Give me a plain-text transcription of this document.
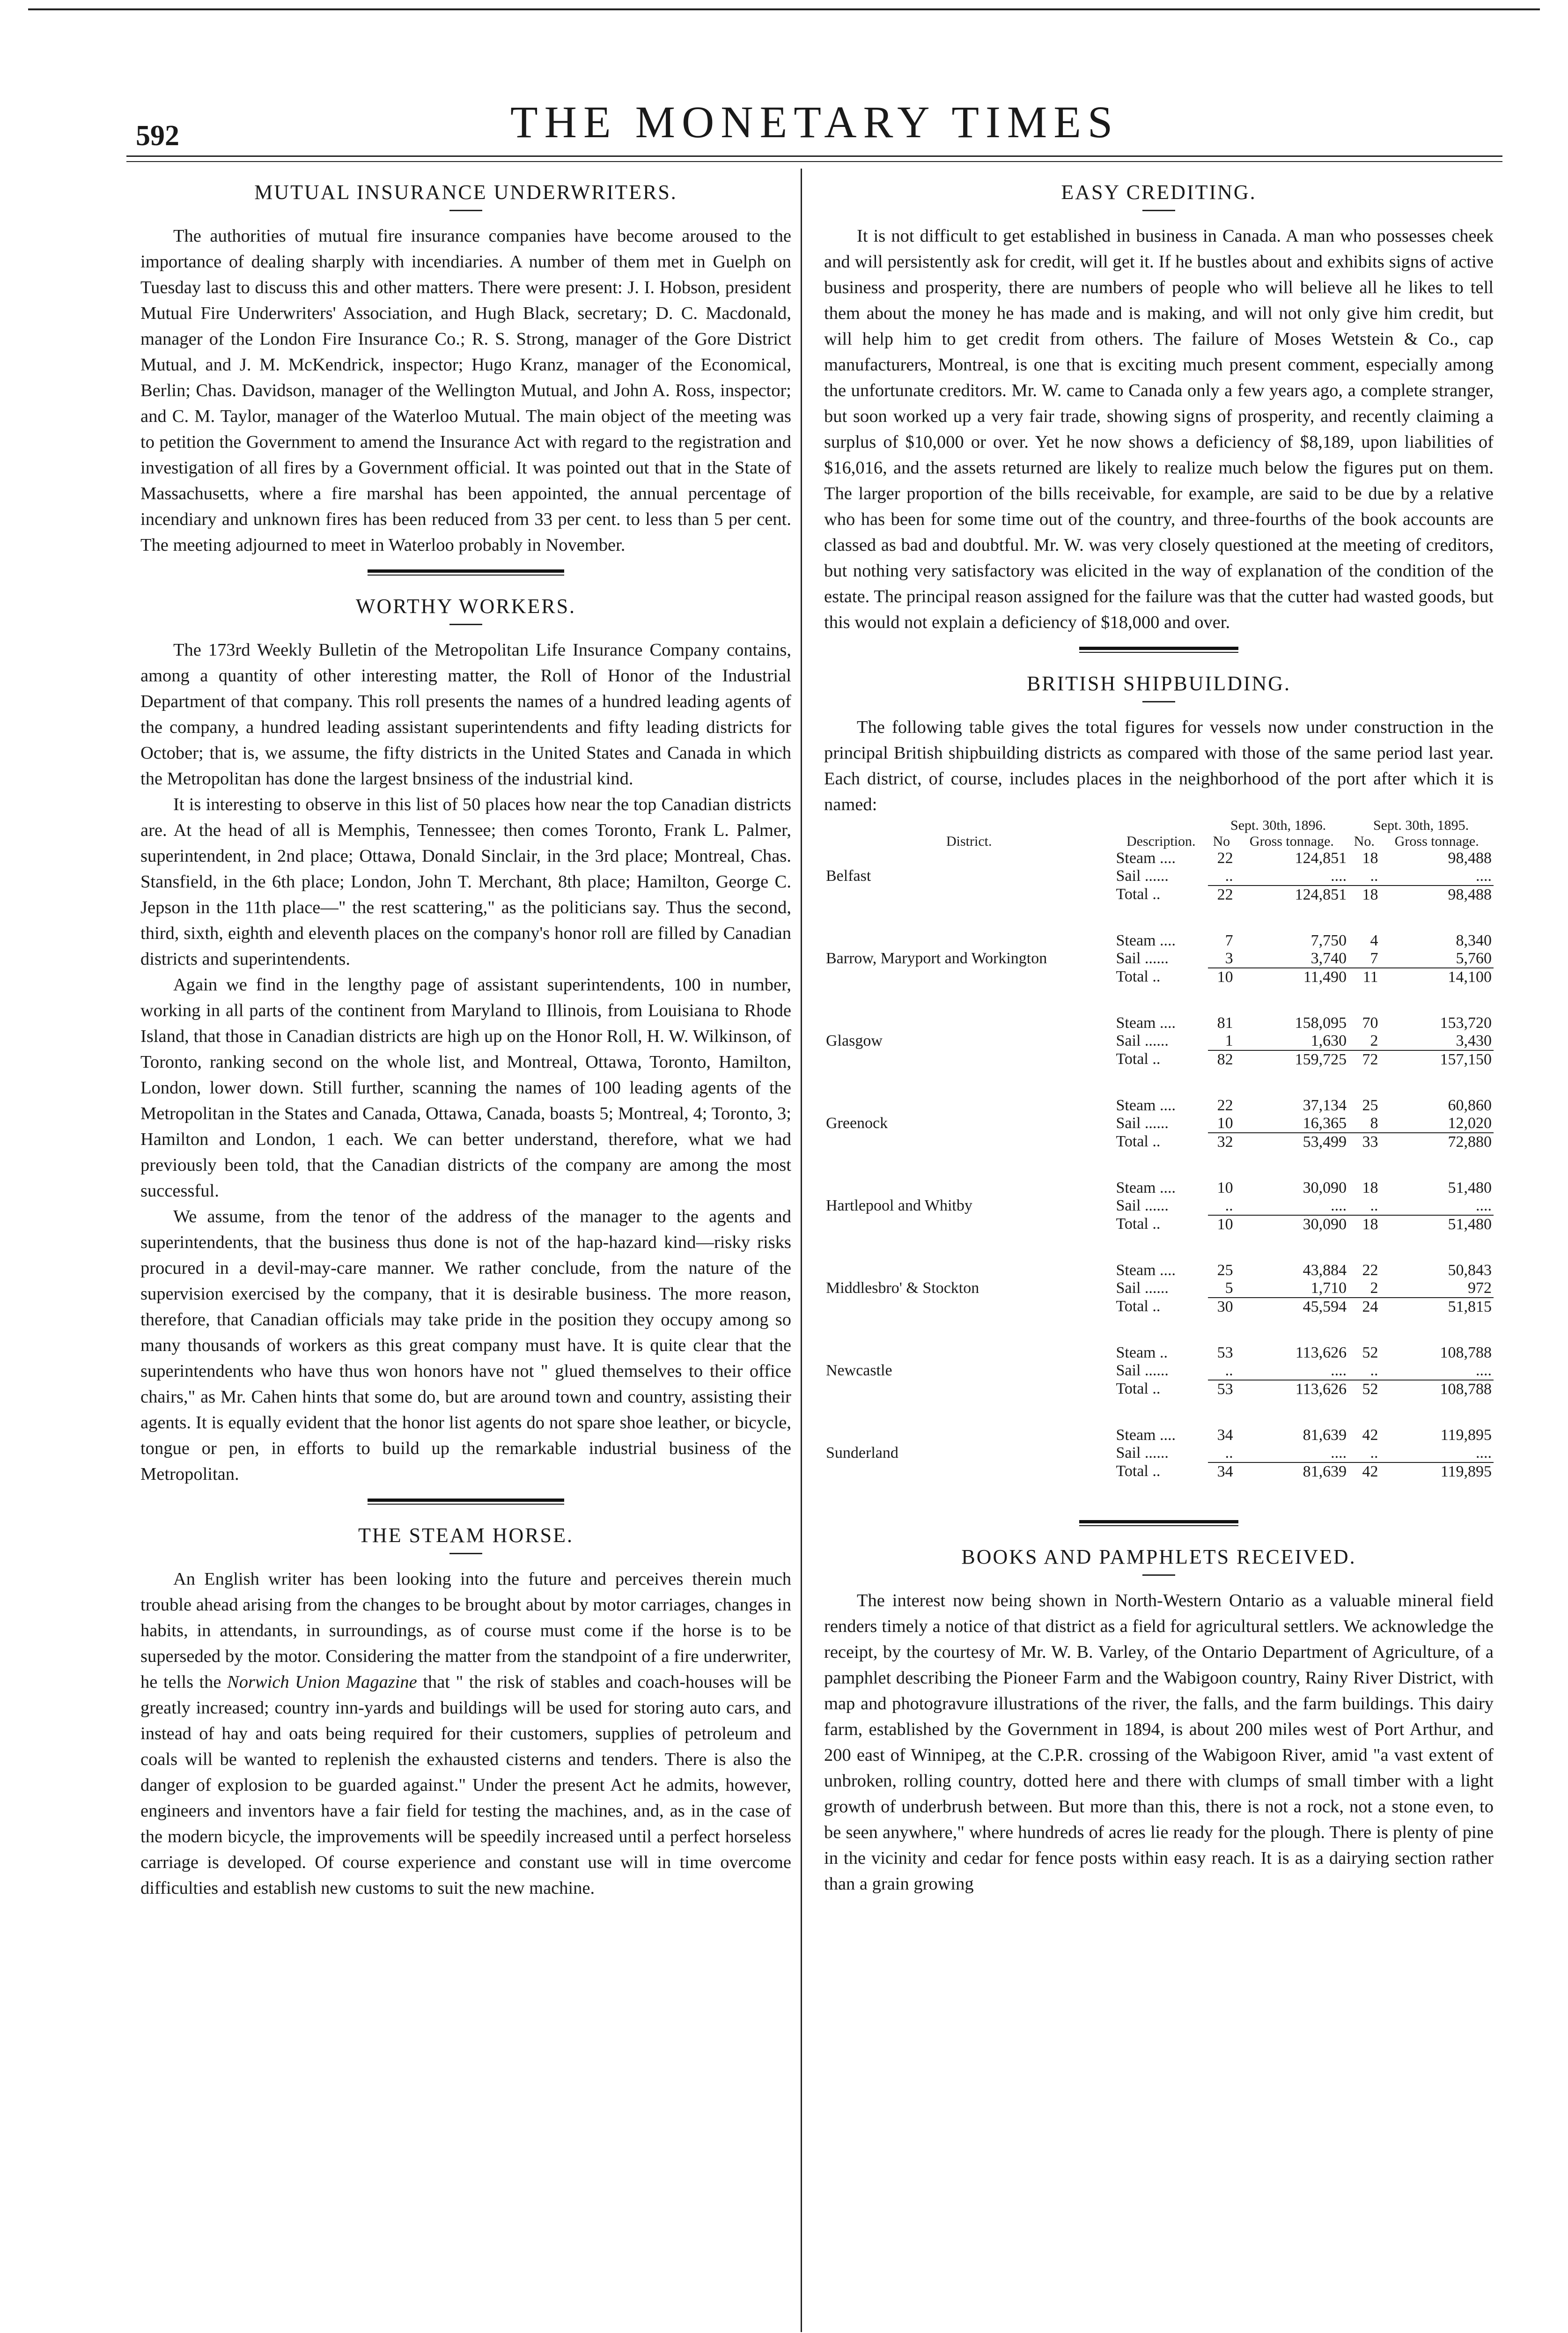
592	THE MONETARY TIMES
MUTUAL INSURANCE UNDERWRITERS.

The authorities of mutual fire insurance companies have become aroused to the importance of dealing sharply with incendiaries. A number of them met in Guelph on Tuesday last to discuss this and other matters. There were present: J. I. Hobson, president Mutual Fire Underwriters' Association, and Hugh Black, secretary; D. C. Macdonald, manager of the London Fire Insurance Co.; R. S. Strong, manager of the Gore District Mutual, and J. M. McKendrick, inspector; Hugo Kranz, manager of the Economical, Berlin; Chas. Davidson, manager of the Wellington Mutual, and John A. Ross, inspector; and C. M. Taylor, manager of the Waterloo Mutual. The main object of the meeting was to petition the Government to amend the Insurance Act with regard to the registration and investigation of all fires by a Government official. It was pointed out that in the State of Massachusetts, where a fire marshal has been appointed, the annual percentage of incendiary and unknown fires has been reduced from 33 per cent. to less than 5 per cent. The meeting adjourned to meet in Waterloo probably in November.

WORTHY WORKERS.

The 173rd Weekly Bulletin of the Metropolitan Life Insurance Company contains, among a quantity of other interesting matter, the Roll of Honor of the Industrial Department of that company. This roll presents the names of a hundred leading agents of the company, a hundred leading assistant superintendents and fifty leading districts for October; that is, we assume, the fifty districts in the United States and Canada in which the Metropolitan has done the largest bnsiness of the industrial kind.

It is interesting to observe in this list of 50 places how near the top Canadian districts are. At the head of all is Memphis, Tennessee; then comes Toronto, Frank L. Palmer, superintendent, in 2nd place; Ottawa, Donald Sinclair, in the 3rd place; Montreal, Chas. Stansfield, in the 6th place; London, John T. Merchant, 8th place; Hamilton, George C. Jepson in the 11th place—" the rest scattering," as the politicians say. Thus the second, third, sixth, eighth and eleventh places on the company's honor roll are filled by Canadian districts and superintendents.

Again we find in the lengthy page of assistant superintendents, 100 in number, working in all parts of the continent from Maryland to Illinois, from Louisiana to Rhode Island, that those in Canadian districts are high up on the Honor Roll, H. W. Wilkinson, of Toronto, ranking second on the whole list, and Montreal, Ottawa, Toronto, Hamilton, London, lower down. Still further, scanning the names of 100 leading agents of the Metropolitan in the States and Canada, Ottawa, Canada, boasts 5; Montreal, 4; Toronto, 3; Hamilton and London, 1 each. We can better understand, therefore, what we had previously been told, that the Canadian districts of the company are among the most successful.

We assume, from the tenor of the address of the manager to the agents and superintendents, that the business thus done is not of the hap-hazard kind—risky risks procured in a devil-may-care manner. We rather conclude, from the nature of the supervision exercised by the company, that it is desirable business. The more reason, therefore, that Canadian officials may take pride in the position they occupy among so many thousands of workers as this great company must have. It is quite clear that the superintendents who have thus won honors have not " glued themselves to their office chairs," as Mr. Cahen hints that some do, but are around town and country, assisting their agents. It is equally evident that the honor list agents do not spare shoe leather, or bicycle, tongue or pen, in efforts to build up the remarkable industrial business of the Metropolitan.

THE STEAM HORSE.

An English writer has been looking into the future and perceives therein much trouble ahead arising from the changes to be brought about by motor carriages, changes in habits, in attendants, in surroundings, as of course must come if the horse is to be superseded by the motor. Considering the matter from the standpoint of a fire underwriter, he tells the Norwich Union Magazine that " the risk of stables and coach-houses will be greatly increased; country inn-yards and buildings will be used for storing auto cars, and instead of hay and oats being required for their customers, supplies of petroleum and coals will be wanted to replenish the exhausted cisterns and tenders. There is also the danger of explosion to be guarded against." Under the present Act he admits, however, engineers and inventors have a fair field for testing the machines, and, as in the case of the modern bicycle, the improvements will be speedily increased until a perfect horseless carriage is developed. Of course experience and constant use will in time overcome difficulties and establish new customs to suit the new machine.

EASY CREDITING.

It is not difficult to get established in business in Canada. A man who possesses cheek and will persistently ask for credit, will get it. If he bustles about and exhibits signs of active business and prosperity, there are numbers of people who will believe all he likes to tell them about the money he has made and is making, and will not only give him credit, but will help him to get credit from others. The failure of Moses Wetstein & Co., cap manufacturers, Montreal, is one that is exciting much present comment, especially among the unfortunate creditors. Mr. W. came to Canada only a few years ago, a complete stranger, but soon worked up a very fair trade, showing signs of prosperity, and recently claiming a surplus of $10,000 or over. Yet he now shows a deficiency of $8,189, upon liabilities of $16,016, and the assets returned are likely to realize much below the figures put on them. The larger proportion of the bills receivable, for example, are said to be due by a relative who has been for some time out of the country, and three-fourths of the book accounts are classed as bad and doubtful. Mr. W. was very closely questioned at the meeting of creditors, but nothing very satisfactory was elicited in the way of explanation of the condition of the estate. The principal reason assigned for the failure was that the cutter had wasted goods, but this would not explain a deficiency of $18,000 and over.

BRITISH SHIPBUILDING.

The following table gives the total figures for vessels now under construction in the principal British shipbuilding districts as compared with those of the same period last year. Each district, of course, includes places in the neighborhood of the port after which it is named:

		Sept. 30th, 1896.		Sept. 30th, 1895.	
District.	Description.	No	Gross tonnage.	No.	Gross tonnage.
	Steam ....	22	124,851	18	98,488
Belfast	Sail ......	..	....	..	....
	Total ..	22	124,851	18	98,488

	Steam ....	7	7,750	4	8,340
Barrow, Maryport and Workington	Sail ......	3	3,740	7	5,760
	Total ..	10	11,490	11	14,100

	Steam ....	81	158,095	70	153,720
Glasgow	Sail ......	1	1,630	2	3,430
	Total ..	82	159,725	72	157,150

	Steam ....	22	37,134	25	60,860
Greenock	Sail ......	10	16,365	8	12,020
	Total ..	32	53,499	33	72,880

	Steam ....	10	30,090	18	51,480
Hartlepool and Whitby	Sail ......	..	....	..	....
	Total ..	10	30,090	18	51,480

	Steam ....	25	43,884	22	50,843
Middlesbro' & Stockton	Sail ......	5	1,710	2	972
	Total ..	30	45,594	24	51,815

	Steam ..	53	113,626	52	108,788
Newcastle	Sail ......	..	....	..	....
	Total ..	53	113,626	52	108,788

	Steam ....	34	81,639	42	119,895
Sunderland	Sail ......	..	....	..	....
	Total ..	34	81,639	42	119,895

BOOKS AND PAMPHLETS RECEIVED.

The interest now being shown in North-Western Ontario as a valuable mineral field renders timely a notice of that district as a field for agricultural settlers. We acknowledge the receipt, by the courtesy of Mr. W. B. Varley, of the Ontario Department of Agriculture, of a pamphlet describing the Pioneer Farm and the Wabigoon country, Rainy River District, with map and photogravure illustrations of the river, the falls, and the farm buildings. This dairy farm, established by the Government in 1894, is about 200 miles west of Port Arthur, and 200 east of Winnipeg, at the C.P.R. crossing of the Wabigoon River, amid "a vast extent of unbroken, rolling country, dotted here and there with clumps of small timber with a light growth of underbrush between. But more than this, there is not a rock, not a stone even, to be seen anywhere," where hundreds of acres lie ready for the plough. There is plenty of pine in the vicinity and cedar for fence posts within easy reach. It is as a dairying section rather than a grain growing
